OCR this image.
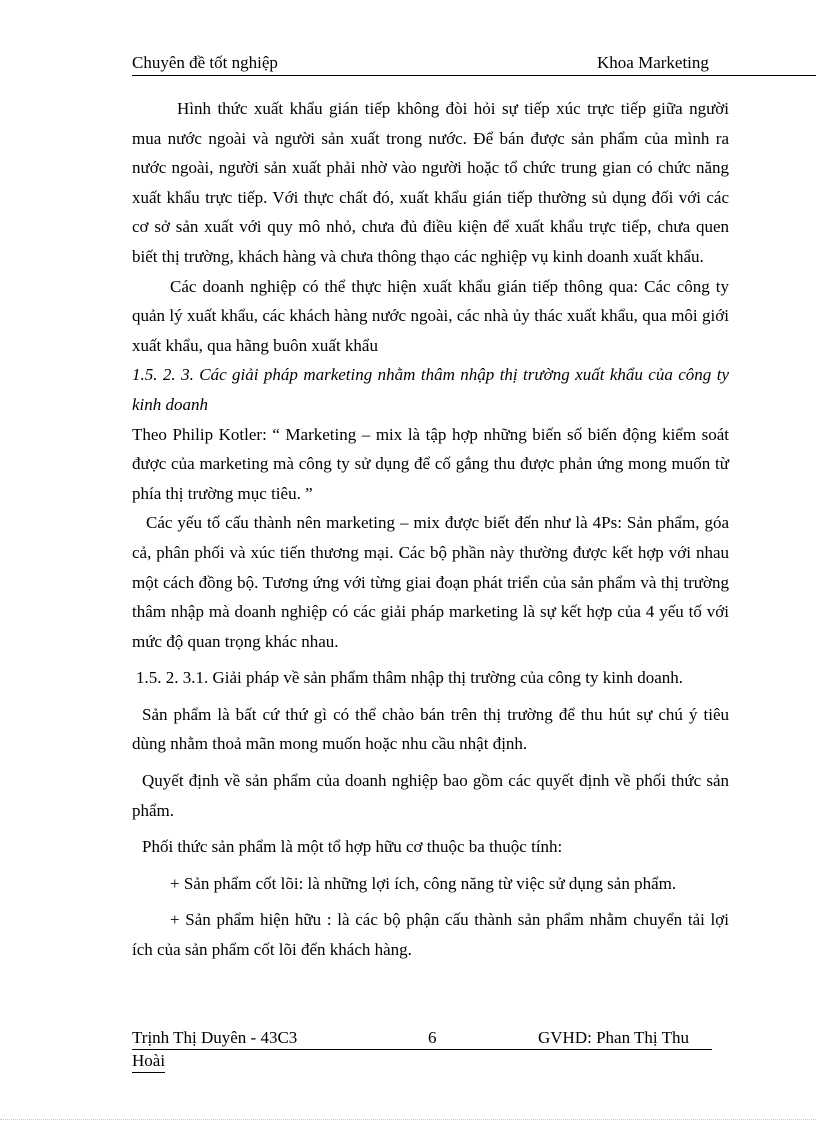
Chuyên đề tốt nghiệp	Khoa Marketing

Hình thức xuất khẩu gián tiếp không đòi hỏi sự tiếp xúc trực tiếp giữa người mua nước ngoài và người sản xuất trong nước. Để bán được sản phẩm của mình ra nước ngoài, người sản xuất phải nhờ vào người hoặc tổ chức trung gian có chức năng xuất khẩu trực tiếp. Với thực chất đó, xuất khẩu gián tiếp thường sủ dụng đối với các cơ sở sản xuất với quy mô nhỏ, chưa đủ điều kiện để xuất khẩu trực tiếp, chưa quen biết thị trường, khách hàng và chưa thông thạo các nghiệp vụ kinh doanh xuất khẩu.

Các doanh nghiệp có thể thực hiện xuất khẩu gián tiếp thông qua: Các công ty quản lý xuất khẩu, các khách hàng nước ngoài, các nhà ủy thác xuất khẩu, qua môi giới xuất khẩu, qua hãng buôn xuất khẩu

1.5. 2. 3. Các giải pháp marketing nhằm thâm nhập thị trường xuất khẩu của công ty kinh doanh

Theo Philip Kotler: “ Marketing – mix là tập hợp những biến số biến động kiểm soát được của marketing mà công ty sử dụng để cố gắng thu được phản ứng mong muốn từ phía thị trường mục tiêu. ”

Các yếu tố cấu thành nên marketing – mix được biết đến như là 4Ps: Sản phẩm, góa cả, phân phối và xúc tiến thương mại. Các bộ phần này thường được kết hợp với nhau một cách đồng bộ. Tương ứng với từng giai đoạn phát triển của sản phẩm và thị trường thâm nhập mà doanh nghiệp có các giải pháp marketing là sự kết hợp của 4 yếu tố với mức độ quan trọng khác nhau.

1.5. 2. 3.1. Giải pháp về sản phẩm thâm nhập thị trường của công ty kinh doanh.

Sản phẩm là bất cứ thứ gì có thể chào bán trên thị trường để thu hút sự chú ý tiêu dùng nhằm thoả mãn mong muốn hoặc nhu cầu nhật định.

Quyết định về sản phẩm của doanh nghiệp bao gồm các quyết định về phối thức sản phẩm.

Phối thức sản phẩm là một tổ hợp hữu cơ thuộc ba thuộc tính:

+ Sản phẩm cốt lõi: là những lợi ích, công năng từ việc sử dụng sản phẩm.

+ Sản phẩm hiện hữu : là các bộ phận cấu thành sản phẩm nhằm chuyển tải lợi ích của sản phẩm cốt lõi đến khách hàng.

Trịnh Thị Duyên - 43C3	6	GVHD: Phan Thị Thu
Hoài
